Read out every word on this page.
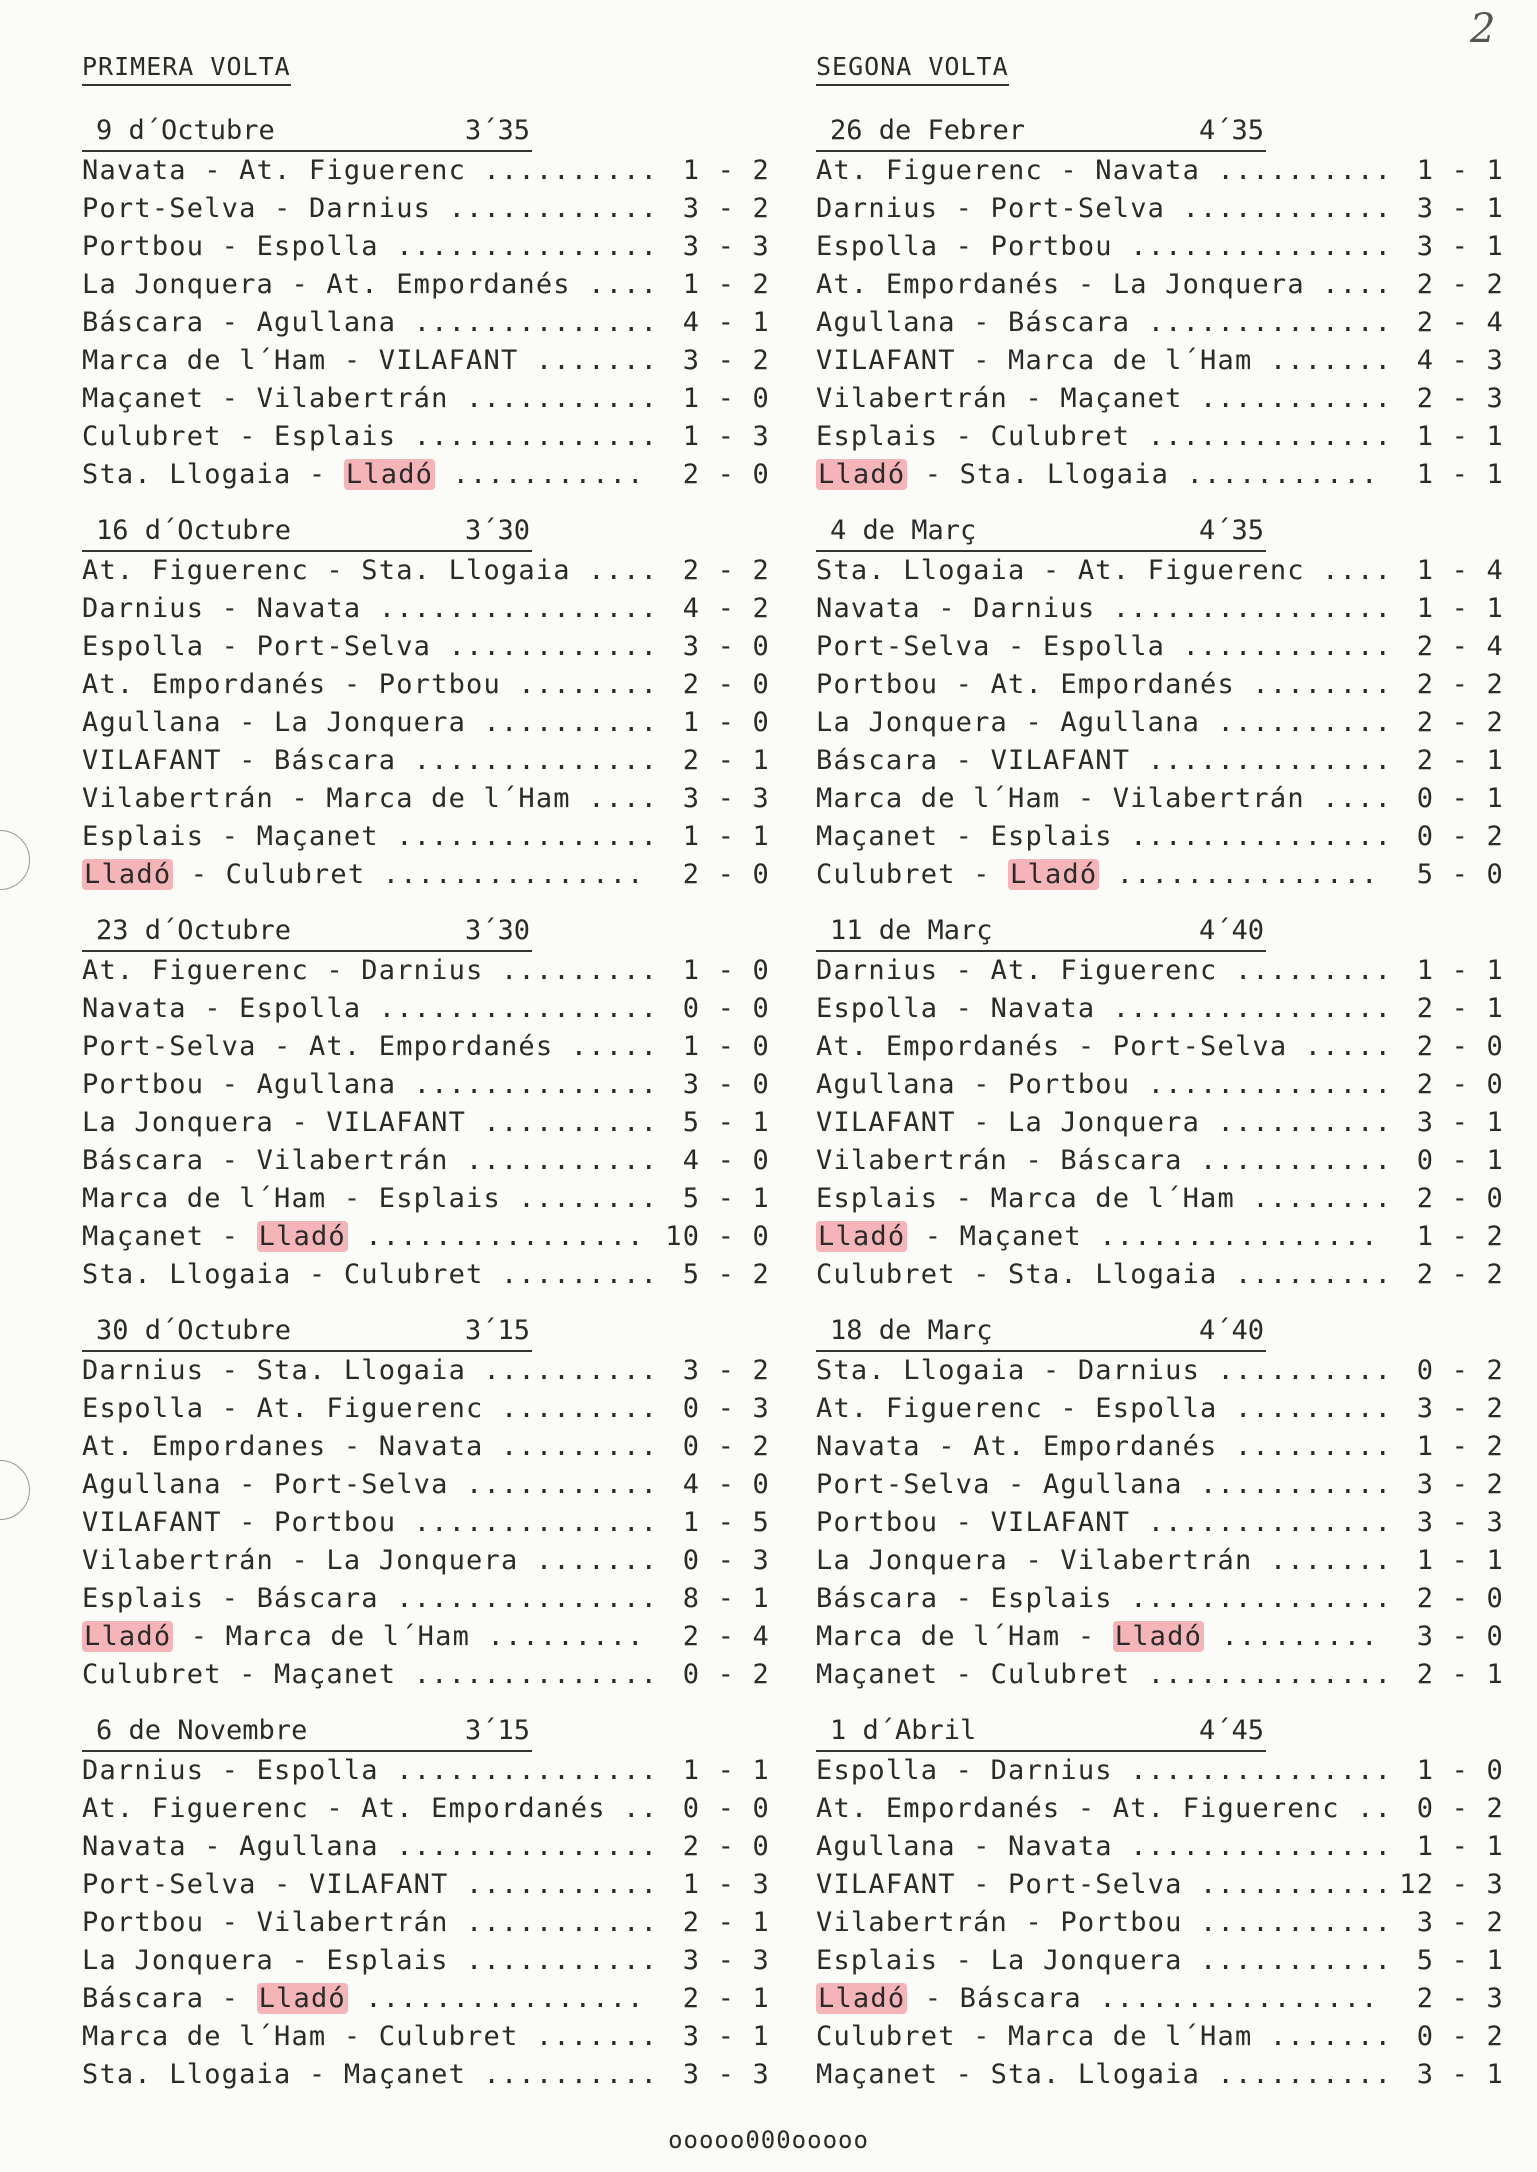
2
PRIMERA VOLTA
9 d´Octubre	3´35
Navata - At. Figuerenc .......... 1 - 2
Port-Selva - Darnius ............ 3 - 2
Portbou - Espolla ............... 3 - 3
La Jonquera - At. Empordanés .... 1 - 2
Báscara - Agullana .............. 4 - 1
Marca de l´Ham - VILAFANT ....... 3 - 2
Maçanet - Vilabertrán ........... 1 - 0
Culubret - Esplais .............. 1 - 3
Sta. Llogaia - Lladó ...........	2 - 0
16 d´Octubre	3´30
At. Figuerenc - Sta. Llogaia .... 2 - 2
Darnius - Navata ................ 4 - 2
Espolla - Port-Selva ............ 3 - 0
At. Empordanés - Portbou ........ 2 - 0
Agullana - La Jonquera .......... 1 - 0
VILAFANT - Báscara .............. 2 - 1
Vilabertrán - Marca de l´Ham .... 3 - 3
Esplais - Maçanet ............... 1 - 1
Lladó - Culubret ...............	2 - 0
23 d´Octubre	3´30
At. Figuerenc - Darnius ......... 1 - 0
Navata - Espolla ................ 0 - 0
Port-Selva - At. Empordanés ..... 1 - 0
Portbou - Agullana .............. 3 - 0
La Jonquera - VILAFANT .......... 5 - 1
Báscara - Vilabertrán ........... 4 - 0
Marca de l´Ham - Esplais ........ 5 - 1
Maçanet - Lladó ................ 10 - 0
Sta. Llogaia - Culubret ......... 5 - 2
30 d´Octubre	3´15
Darnius - Sta. Llogaia .......... 3 - 2
Espolla - At. Figuerenc ......... 0 - 3
At. Empordanes - Navata ......... 0 - 2
Agullana - Port-Selva ........... 4 - 0
VILAFANT - Portbou .............. 1 - 5
Vilabertrán - La Jonquera ....... 0 - 3
Esplais - Báscara ............... 8 - 1
Lladó - Marca de l´Ham .........	2 - 4
Culubret - Maçanet .............. 0 - 2
6 de Novembre	3´15
Darnius - Espolla ............... 1 - 1
At. Figuerenc - At. Empordanés .. 0 - 0
Navata - Agullana ............... 2 - 0
Port-Selva - VILAFANT ........... 1 - 3
Portbou - Vilabertrán ........... 2 - 1
La Jonquera - Esplais ........... 3 - 3
Báscara - Lladó ................	2 - 1
Marca de l´Ham - Culubret ....... 3 - 1
Sta. Llogaia - Maçanet .......... 3 - 3
SEGONA VOLTA
26 de Febrer	4´35
At. Figuerenc - Navata .......... 1 - 1
Darnius - Port-Selva ............ 3 - 1
Espolla - Portbou ............... 3 - 1
At. Empordanés - La Jonquera .... 2 - 2
Agullana - Báscara .............. 2 - 4
VILAFANT - Marca de l´Ham ....... 4 - 3
Vilabertrán - Maçanet ........... 2 - 3
Esplais - Culubret .............. 1 - 1
Lladó - Sta. Llogaia ...........	1 - 1
4 de Març	4´35
Sta. Llogaia - At. Figuerenc .... 1 - 4
Navata - Darnius ................ 1 - 1
Port-Selva - Espolla ............ 2 - 4
Portbou - At. Empordanés ........ 2 - 2
La Jonquera - Agullana .......... 2 - 2
Báscara - VILAFANT .............. 2 - 1
Marca de l´Ham - Vilabertrán .... 0 - 1
Maçanet - Esplais ............... 0 - 2
Culubret - Lladó ...............	5 - 0
11 de Març	4´40
Darnius - At. Figuerenc ......... 1 - 1
Espolla - Navata ................ 2 - 1
At. Empordanés - Port-Selva ..... 2 - 0
Agullana - Portbou .............. 2 - 0
VILAFANT - La Jonquera .......... 3 - 1
Vilabertrán - Báscara ........... 0 - 1
Esplais - Marca de l´Ham ........ 2 - 0
Lladó - Maçanet ................	1 - 2
Culubret - Sta. Llogaia ......... 2 - 2
18 de Març	4´40
Sta. Llogaia - Darnius .......... 0 - 2
At. Figuerenc - Espolla ......... 3 - 2
Navata - At. Empordanés ......... 1 - 2
Port-Selva - Agullana ........... 3 - 2
Portbou - VILAFANT .............. 3 - 3
La Jonquera - Vilabertrán ....... 1 - 1
Báscara - Esplais ............... 2 - 0
Marca de l´Ham - Lladó .........	3 - 0
Maçanet - Culubret .............. 2 - 1
1 d´Abril	4´45
Espolla - Darnius ............... 1 - 0
At. Empordanés - At. Figuerenc .. 0 - 2
Agullana - Navata ............... 1 - 1
VILAFANT - Port-Selva ........... 12 - 3
Vilabertrán - Portbou ........... 3 - 2
Esplais - La Jonquera ........... 5 - 1
Lladó - Báscara ................	2 - 3
Culubret - Marca de l´Ham ....... 0 - 2
Maçanet - Sta. Llogaia .......... 3 - 1
ooooo000ooooo
